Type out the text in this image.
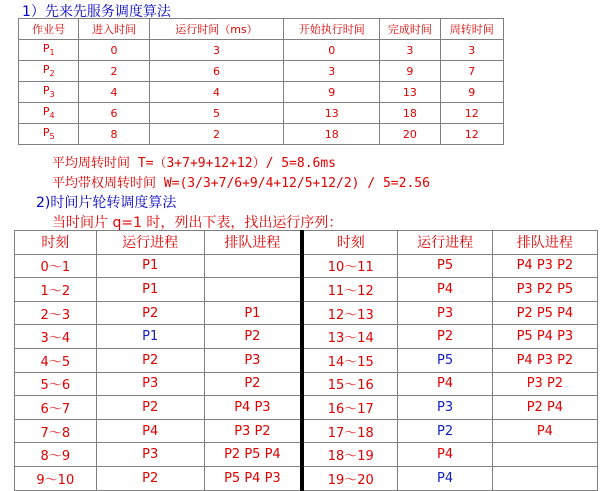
1）先来先服务调度算法
作业号	进入时间	运行时间（ms）	开始执行时间	完成时间	周转时间
$P_1$	0	3	0	3	3
$P_2$	2	6	3	9	7
$P_3$	4	4	9	13	9
$P_4$	6	5	13	18	12
$P_5$	8	2	18	20	12
平均周转时间 T=（3+7+9+12+12）/ 5=8.6ms
平均带权周转时间 W=(3/3+7/6+9/4+12/5+12/2) / 5=2.56
2)时间片轮转调度算法
当时间片 q=1 时，列出下表，找出运行序列：
时刻	运行进程	排队进程	时刻	运行进程	排队进程
0～1	P1		10～11	P5	P4 P3 P2
1～2	P1		11～12	P4	P3 P2 P5
2～3	P2	P1	12～13	P3	P2 P5 P4
3～4	P1	P2	13～14	P2	P5 P4 P3
4～5	P2	P3	14～15	P5	P4 P3 P2
5～6	P3	P2	15～16	P4	P3 P2
6～7	P2	P4 P3	16～17	P3	P2 P4
7～8	P4	P3 P2	17～18	P2	P4
8～9	P3	P2 P5 P4	18～19	P4	
9～10	P2	P5 P4 P3	19～20	P4	
